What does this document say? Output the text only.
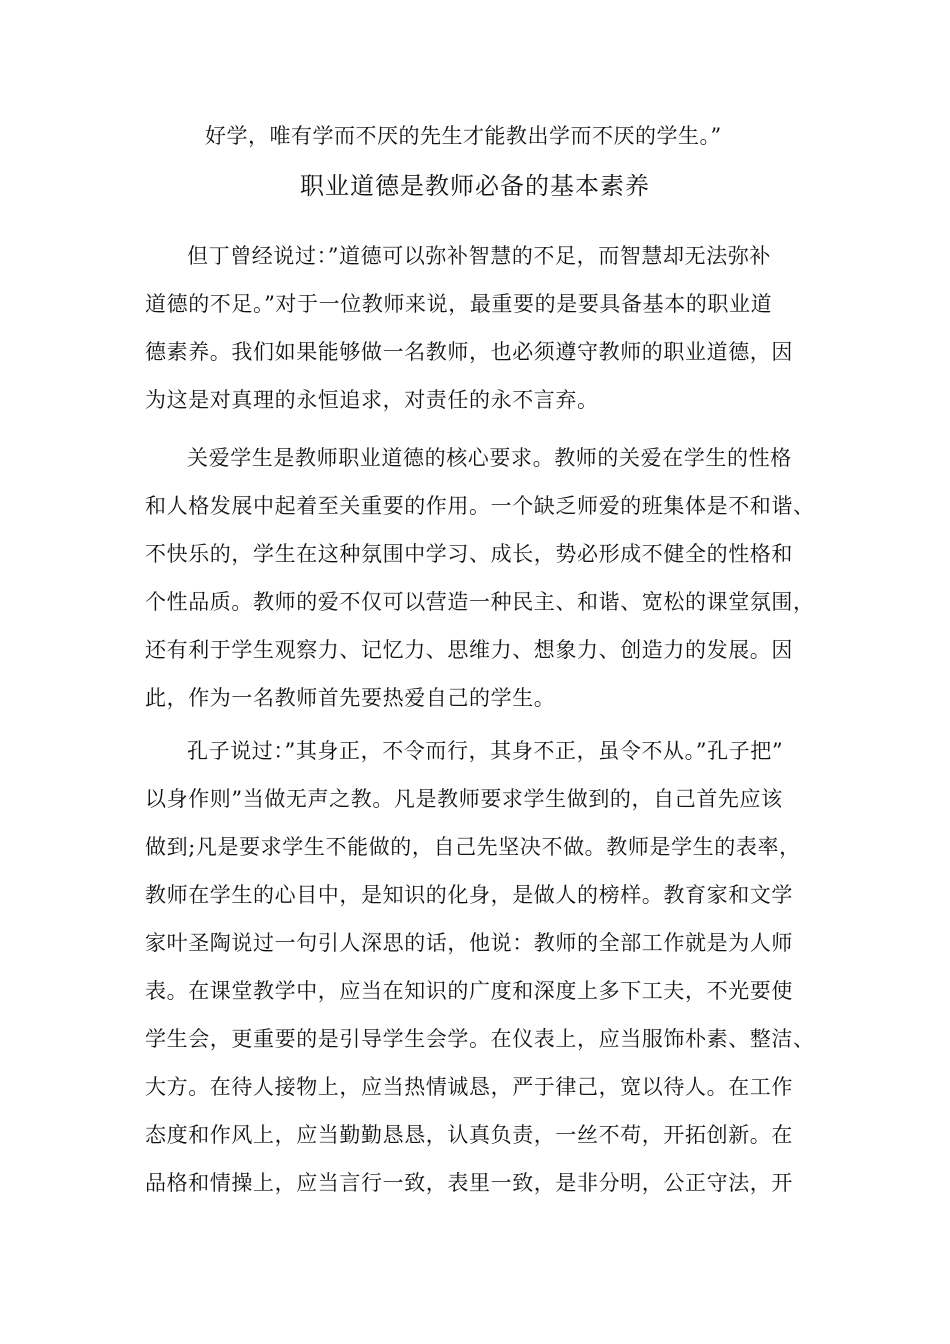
好学，唯有学而不厌的先生才能教出学而不厌的学生。”
职业道德是教师必备的基本素养
但丁曾经说过：”道德可以弥补智慧的不足，而智慧却无法弥补
道德的不足。”对于一位教师来说，最重要的是要具备基本的职业道
德素养。我们如果能够做一名教师，也必须遵守教师的职业道德，因
为这是对真理的永恒追求，对责任的永不言弃。
关爱学生是教师职业道德的核心要求。教师的关爱在学生的性格
和人格发展中起着至关重要的作用。一个缺乏师爱的班集体是不和谐、
不快乐的，学生在这种氛围中学习、成长，势必形成不健全的性格和
个性品质。教师的爱不仅可以营造一种民主、和谐、宽松的课堂氛围，
还有利于学生观察力、记忆力、思维力、想象力、创造力的发展。因
此，作为一名教师首先要热爱自己的学生。
孔子说过：”其身正，不令而行，其身不正，虽令不从。”孔子把”
以身作则”当做无声之教。凡是教师要求学生做到的，自己首先应该
做到;凡是要求学生不能做的，自己先坚决不做。教师是学生的表率，
教师在学生的心目中，是知识的化身，是做人的榜样。教育家和文学
家叶圣陶说过一句引人深思的话，他说：教师的全部工作就是为人师
表。在课堂教学中，应当在知识的广度和深度上多下工夫，不光要使
学生会，更重要的是引导学生会学。在仪表上，应当服饰朴素、整洁、
大方。在待人接物上，应当热情诚恳，严于律己，宽以待人。在工作
态度和作风上，应当勤勤恳恳，认真负责，一丝不苟，开拓创新。在
品格和情操上，应当言行一致，表里一致，是非分明，公正守法，开
